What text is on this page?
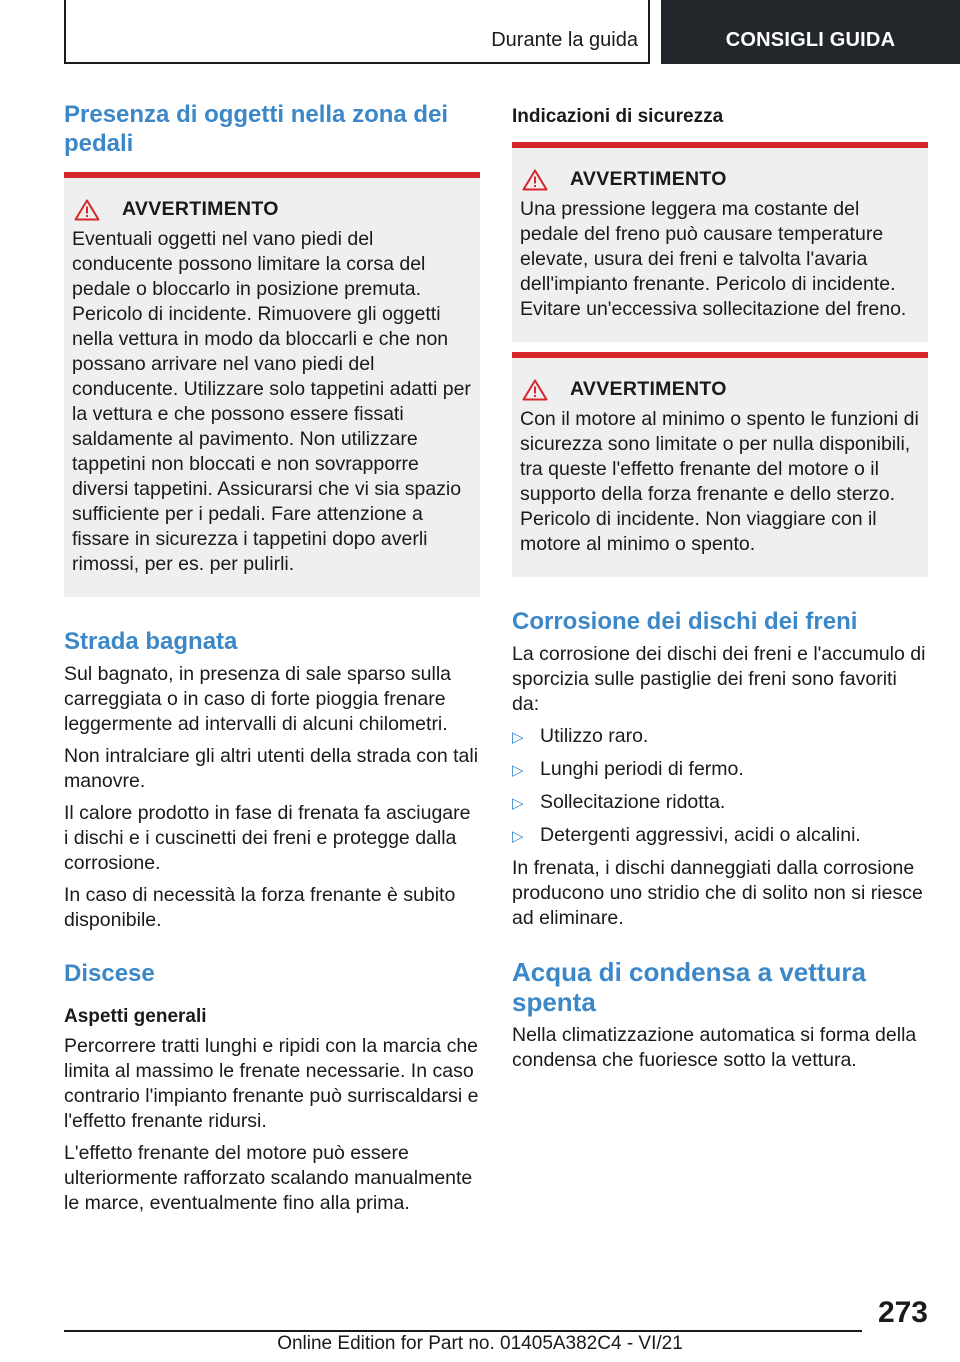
Durante la guida	CONSIGLI GUIDA
Presenza di oggetti nella zona dei pedali
AVVERTIMENTO

Eventuali oggetti nel vano piedi del conducente possono limitare la corsa del pedale o bloccarlo in posizione premuta. Pericolo di incidente. Rimuovere gli oggetti nella vettura in modo da bloccarli e che non possano arrivare nel vano piedi del conducente. Utilizzare solo tappetini adatti per la vettura e che possono essere fissati saldamente al pavimento. Non utilizzare tappetini non bloccati e non sovrapporre diversi tappetini. Assicurarsi che vi sia spazio sufficiente per i pedali. Fare attenzione a fissare in sicurezza i tappetini dopo averli rimossi, per es. per pulirli.

Strada bagnata

Sul bagnato, in presenza di sale sparso sulla carreggiata o in caso di forte pioggia frenare leggermente ad intervalli di alcuni chilometri.

Non intralciare gli altri utenti della strada con tali manovre.

Il calore prodotto in fase di frenata fa asciugare i dischi e i cuscinetti dei freni e protegge dalla corrosione.

In caso di necessità la forza frenante è subito disponibile.

Discese
Aspetti generali

Percorrere tratti lunghi e ripidi con la marcia che limita al massimo le frenate necessarie. In caso contrario l'impianto frenante può surriscaldarsi e l'effetto frenante ridursi.

L'effetto frenante del motore può essere ulteriormente rafforzato scalando manualmente le marce, eventualmente fino alla prima.

Indicazioni di sicurezza
AVVERTIMENTO

Una pressione leggera ma costante del pedale del freno può causare temperature elevate, usura dei freni e talvolta l'avaria dell'impianto frenante. Pericolo di incidente. Evitare un'eccessiva sollecitazione del freno.

AVVERTIMENTO

Con il motore al minimo o spento le funzioni di sicurezza sono limitate o per nulla disponibili, tra queste l'effetto frenante del motore o il supporto della forza frenante e dello sterzo. Pericolo di incidente. Non viaggiare con il motore al minimo o spento.

Corrosione dei dischi dei freni

La corrosione dei dischi dei freni e l'accumulo di sporcizia sulle pastiglie dei freni sono favoriti da:

▷ Utilizzo raro.
▷ Lunghi periodi di fermo.
▷ Sollecitazione ridotta.
▷ Detergenti aggressivi, acidi o alcalini.

In frenata, i dischi danneggiati dalla corrosione producono uno stridio che di solito non si riesce ad eliminare.

Acqua di condensa a vettura spenta

Nella climatizzazione automatica si forma della condensa che fuoriesce sotto la vettura.

273
Online Edition for Part no. 01405A382C4 - VI/21
